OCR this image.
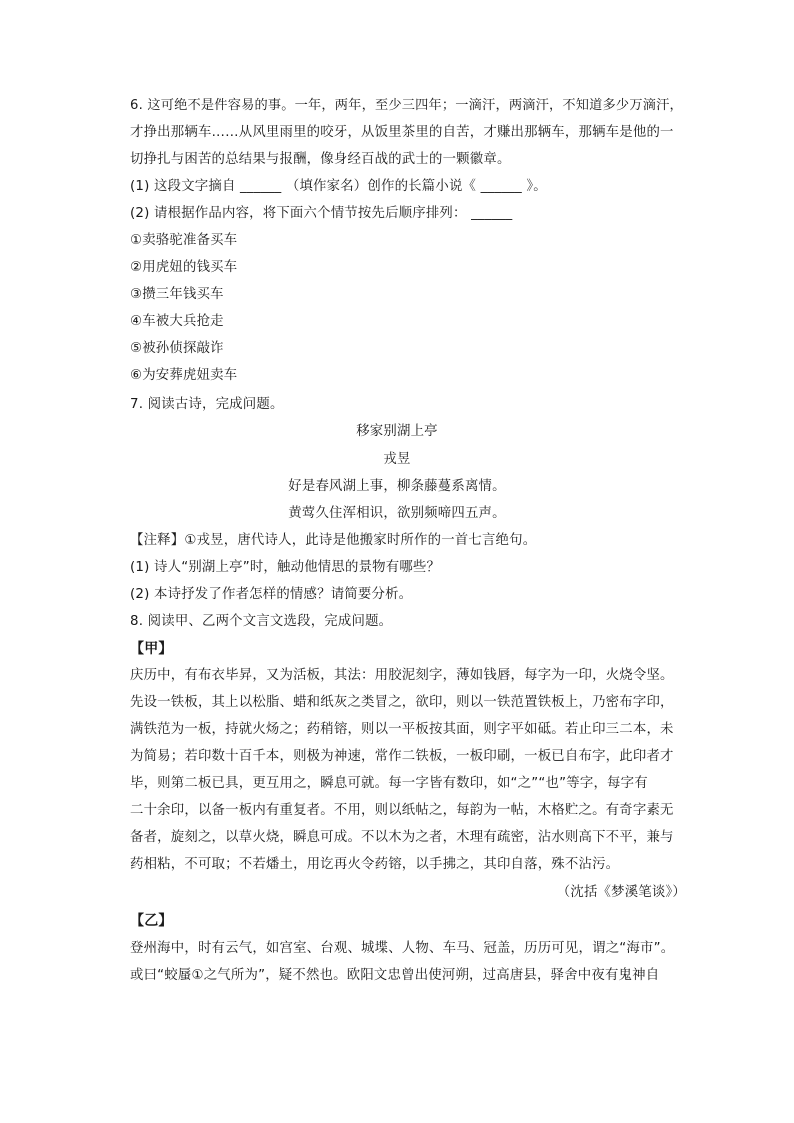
6. 这可绝不是件容易的事。一年，两年，至少三四年；一滴汗，两滴汗，不知道多少万滴汗，
才挣出那辆车……从风里雨里的咬牙，从饭里茶里的自苦，才赚出那辆车，那辆车是他的一
切挣扎与困苦的总结果与报酬，像身经百战的武士的一颗徽章。
(1) 这段文字摘自 ______ （填作家名）创作的长篇小说《 ______ 》。
(2) 请根据作品内容，将下面六个情节按先后顺序排列： ______
①卖骆驼准备买车
②用虎妞的钱买车
③攒三年钱买车
④车被大兵抢走
⑤被孙侦探敲诈
⑥为安葬虎妞卖车
7. 阅读古诗，完成问题。
移家别湖上亭
戎昱
好是春风湖上事，柳条藤蔓系离情。
黄莺久住浑相识，欲别频啼四五声。
【注释】①戎昱，唐代诗人，此诗是他搬家时所作的一首七言绝句。
(1) 诗人“别湖上亭”时，触动他情思的景物有哪些？
(2) 本诗抒发了作者怎样的情感？请简要分析。
8. 阅读甲、乙两个文言文选段，完成问题。
【甲】
庆历中，有布衣毕昇，又为活板，其法：用胶泥刻字，薄如钱唇，每字为一印，火烧令坚。
先设一铁板，其上以松脂、蜡和纸灰之类冒之，欲印，则以一铁范置铁板上，乃密布字印，
满铁范为一板，持就火炀之；药稍镕，则以一平板按其面，则字平如砥。若止印三二本，未
为简易；若印数十百千本，则极为神速，常作二铁板，一板印刷，一板已自布字，此印者才
毕，则第二板已具，更互用之，瞬息可就。每一字皆有数印，如“之”“也”等字，每字有
二十余印，以备一板内有重复者。不用，则以纸帖之，每韵为一帖，木格贮之。有奇字素无
备者，旋刻之，以草火烧，瞬息可成。不以木为之者，木理有疏密，沾水则高下不平，兼与
药相粘，不可取；不若燔土，用讫再火令药镕，以手拂之，其印自落，殊不沾污。
（沈括《梦溪笔谈》）
【乙】
登州海中，时有云气，如宫室、台观、城堞、人物、车马、冠盖，历历可见，谓之“海市”。
或曰“蛟蜃①之气所为”，疑不然也。欧阳文忠曾出使河朔，过高唐县，驿舍中夜有鬼神自
